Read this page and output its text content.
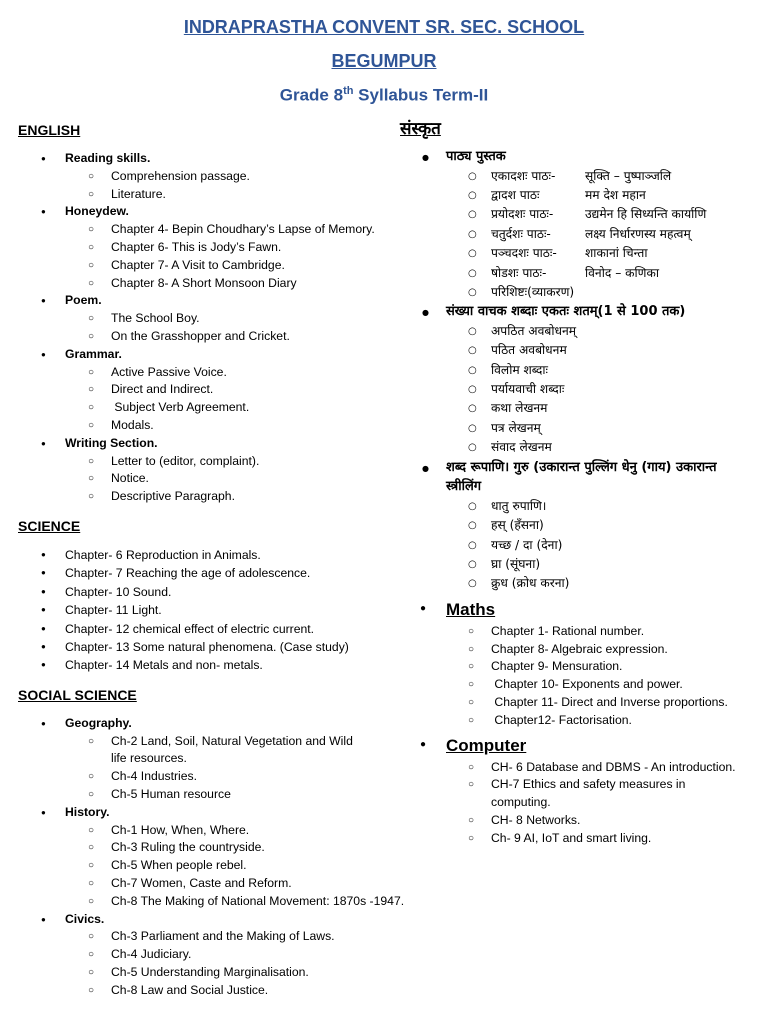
INDRAPRASTHA CONVENT SR. SEC. SCHOOL
BEGUMPUR
Grade 8th Syllabus Term-II
ENGLISH
● Reading skills.
○ Comprehension passage.
○ Literature.
● Honeydew.
○ Chapter 4- Bepin Choudhary’s Lapse of Memory.
○ Chapter 6- This is Jody’s Fawn.
○ Chapter 7- A Visit to Cambridge.
○ Chapter 8- A Short Monsoon Diary
● Poem.
○ The School Boy.
○ On the Grasshopper and Cricket.
● Grammar.
○ Active Passive Voice.
○ Direct and Indirect.
○  Subject Verb Agreement.
○ Modals.
● Writing Section.
○ Letter to (editor, complaint).
○ Notice.
○ Descriptive Paragraph.
SCIENCE
● Chapter- 6 Reproduction in Animals.
● Chapter- 7 Reaching the age of adolescence.
● Chapter- 10 Sound.
● Chapter- 11 Light.
● Chapter- 12 chemical effect of electric current.
● Chapter- 13 Some natural phenomena. (Case study)
● Chapter- 14 Metals and non- metals.
SOCIAL SCIENCE
● Geography.
○ Ch-2 Land, Soil, Natural Vegetation and Wild life resources.
○ Ch-4 Industries.
○ Ch-5 Human resource
● History.
○ Ch-1 How, When, Where.
○ Ch-3 Ruling the countryside.
○ Ch-5 When people rebel.
○ Ch-7 Women, Caste and Reform.
○ Ch-8 The Making of National Movement: 1870s -1947.
● Civics.
○ Ch-3 Parliament and the Making of Laws.
○ Ch-4 Judiciary.
○ Ch-5 Understanding Marginalisation.
○ Ch-8 Law and Social Justice.
संस्कृत
● पाठ्य पुस्तक
○ एकादशः पाठः- सूक्ति – पुष्पाञ्जलि
○ द्वादश पाठः	मम देश महान
○ प्रयोदशः पाठः-	उद्यमेन हि सिध्यन्ति कार्याणि
○ चतुर्दशः पाठः-	लक्ष्य निर्धारणस्य महत्वम्
○ पञ्चदशः पाठः- शाकानां चिन्ता
○ षोडशः पाठः-	विनोद – कणिका
○ परिशिष्टः(व्याकरण)
● संख्या वाचक शब्दाः एकतः शतम्(1 से 100 तक)
○ अपठित अवबोधनम्
○ पठित अवबोधनम
○ विलोम शब्दाः
○ पर्यायवाची शब्दाः
○ कथा लेखनम
○ पत्र लेखनम्
○ संवाद लेखनम
● शब्द रूपाणि। गुरु (उकारान्त पुल्लिंग धेनु (गाय) उकारान्त स्त्रीलिंग
○ धातु रुपाणि।
○ हस् (हँसना)
○ यच्छ / दा (देना)
○ घ्रा (सूंघना)
○ क्रुध (क्रोध करना)
● Maths
○ Chapter 1- Rational number.
○ Chapter 8- Algebraic expression.
○ Chapter 9- Mensuration.
○  Chapter 10- Exponents and power.
○  Chapter 11- Direct and Inverse proportions.
○  Chapter12- Factorisation.
● Computer
○ CH- 6 Database and DBMS - An introduction.
○ CH-7 Ethics and safety measures in computing.
○ CH- 8 Networks.
○ Ch- 9 AI, IoT and smart living.
